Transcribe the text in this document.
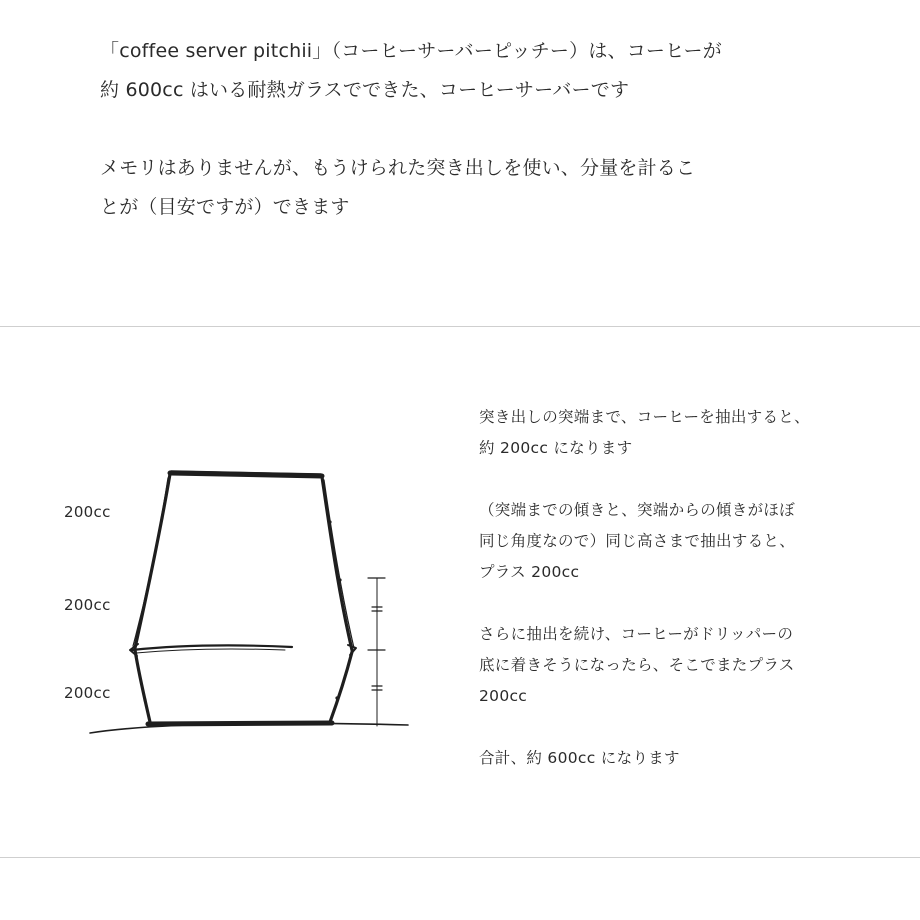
「coffee server pitchii」（コーヒーサーバーピッチー）は、コーヒーが

約 600cc はいる耐熱ガラスでできた、コーヒーサーバーです

メモリはありませんが、もうけられた突き出しを使い、分量を計るこ

とが（目安ですが）できます

200cc
200cc
200cc

突き出しの突端まで、コーヒーを抽出すると、

約 200cc になります

（突端までの傾きと、突端からの傾きがほぼ

同じ角度なので）同じ高さまで抽出すると、

プラス 200cc

さらに抽出を続け、コーヒーがドリッパーの

底に着きそうになったら、そこでまたプラス

200cc

合計、約 600cc になります
